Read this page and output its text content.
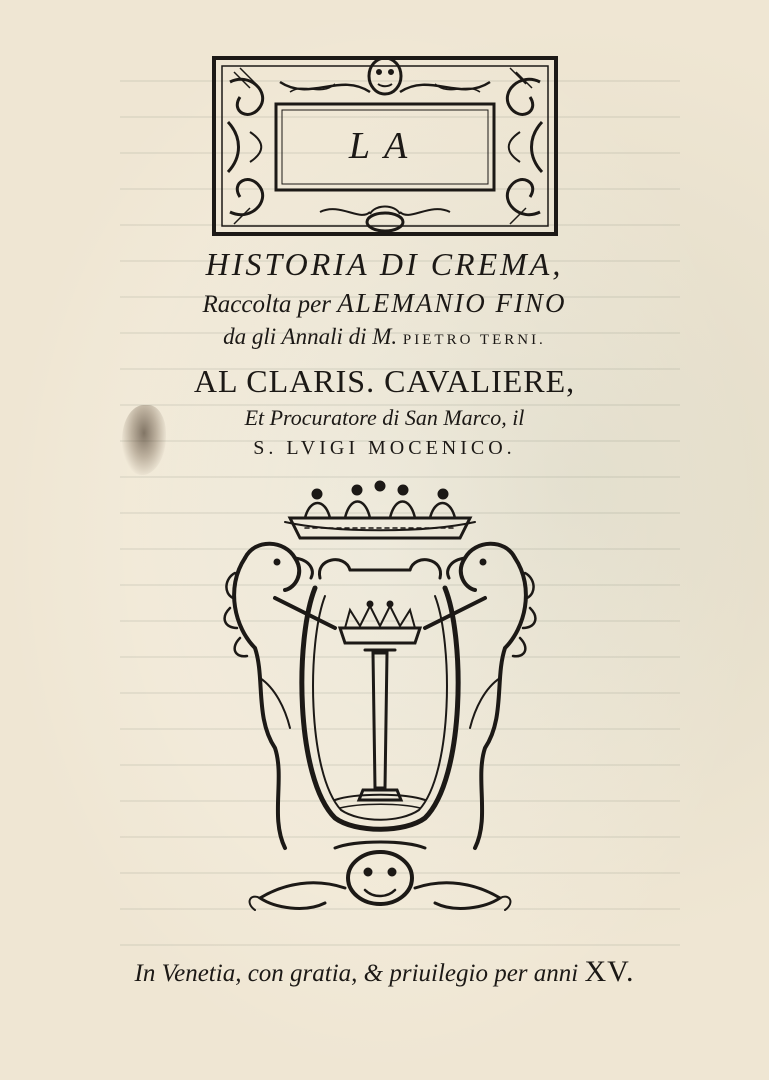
LA
HISTORIA DI CREMA,
Raccolta per ALEMANIO FINO
da gli Annali di M. PIETRO TERNI.
AL CLARIS. CAVALIERE,
Et Procuratore di San Marco, il
S. LVIGI MOCENICO.
In Venetia, con gratia, & priuilegio per anni XV.
